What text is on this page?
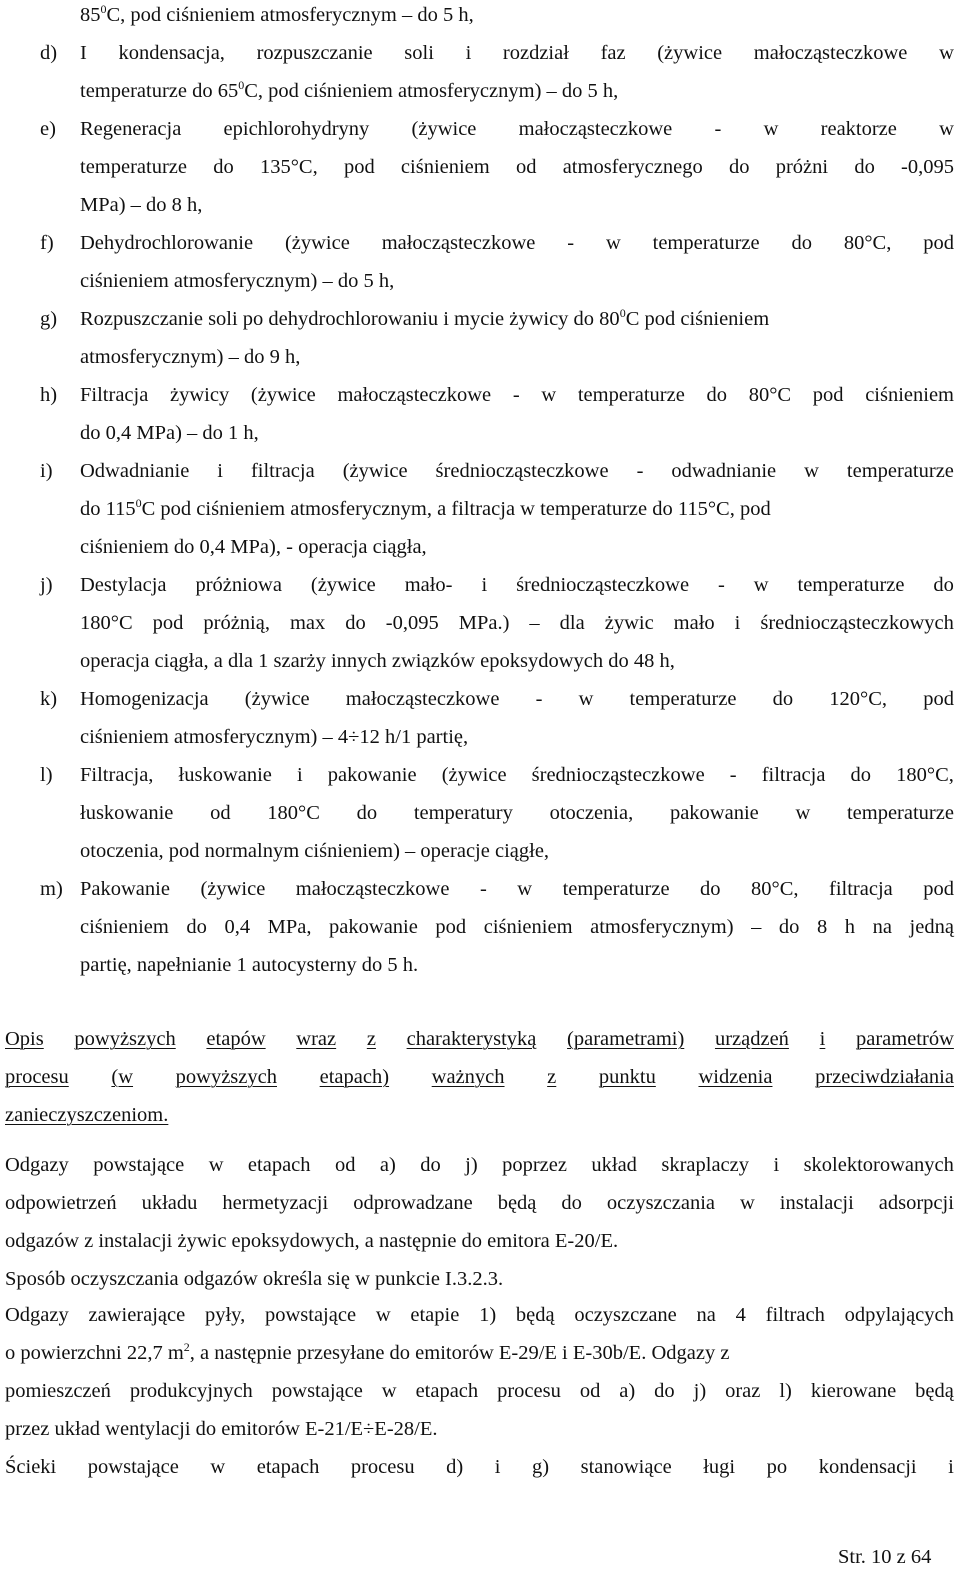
$85^0C$, pod ciśnieniem atmosferycznym – do 5 h,
d) I kondensacja, rozpuszczanie soli i rozdział faz (żywice małocząsteczkowe w
temperaturze do $65^0C$, pod ciśnieniem atmosferycznym) – do 5 h,
e) Regeneracja epichlorohydryny (żywice małocząsteczkowe - w reaktorze w
temperaturze do 135°C, pod ciśnieniem od atmosferycznego do próżni do -0,095
MPa) – do 8 h,
f) Dehydrochlorowanie (żywice małocząsteczkowe - w temperaturze do 80°C, pod
ciśnieniem atmosferycznym) – do 5 h,
g) Rozpuszczanie soli po dehydrochlorowaniu i mycie żywicy do $80^0C$ pod ciśnieniem
atmosferycznym) – do 9 h,
h) Filtracja żywicy (żywice małocząsteczkowe - w temperaturze do 80°C pod ciśnieniem
do 0,4 MPa) – do 1 h,
i) Odwadnianie i filtracja (żywice średniocząsteczkowe - odwadnianie w temperaturze
do $115^0C$ pod ciśnieniem atmosferycznym, a filtracja w temperaturze do 115°C, pod
ciśnieniem do 0,4 MPa), - operacja ciągła,
j) Destylacja próżniowa (żywice mało- i średniocząsteczkowe - w temperaturze do
180°C pod próżnią, max do -0,095 MPa.) – dla żywic mało i średniocząsteczkowych
operacja ciągła, a dla 1 szarży innych związków epoksydowych do 48 h,
k) Homogenizacja (żywice małocząsteczkowe - w temperaturze do 120°C, pod
ciśnieniem atmosferycznym) – 4÷12 h/1 partię,
l) Filtracja, łuskowanie i pakowanie (żywice średniocząsteczkowe - filtracja do 180°C,
łuskowanie od 180°C do temperatury otoczenia, pakowanie w temperaturze
otoczenia, pod normalnym ciśnieniem) – operacje ciągłe,
m) Pakowanie (żywice małocząsteczkowe - w temperaturze do 80°C, filtracja pod
ciśnieniem do 0,4 MPa, pakowanie pod ciśnieniem atmosferycznym) – do 8 h na jedną
partię, napełnianie 1 autocysterny do 5 h.
Opis powyższych etapów wraz z charakterystyką (parametrami) urządzeń i parametrów
procesu (w powyższych etapach) ważnych z punktu widzenia przeciwdziałania
zanieczyszczeniom.
Odgazy powstające w etapach od a) do j) poprzez układ skraplaczy i skolektorowanych
odpowietrzeń układu hermetyzacji odprowadzane będą do oczyszczania w instalacji adsorpcji
odgazów z instalacji żywic epoksydowych, a następnie do emitora E-20/E.
Sposób oczyszczania odgazów określa się w punkcie I.3.2.3.
Odgazy zawierające pyły, powstające w etapie 1) będą oczyszczane na 4 filtrach odpylających
o powierzchni 22,7 $m^2$, a następnie przesyłane do emitorów E-29/E i E-30b/E. Odgazy z
pomieszczeń produkcyjnych powstające w etapach procesu od a) do j) oraz l) kierowane będą
przez układ wentylacji do emitorów E-21/E÷E-28/E.
Ścieki powstające w etapach procesu d) i g) stanowiące ługi po kondensacji i
Str. 10 z 64
